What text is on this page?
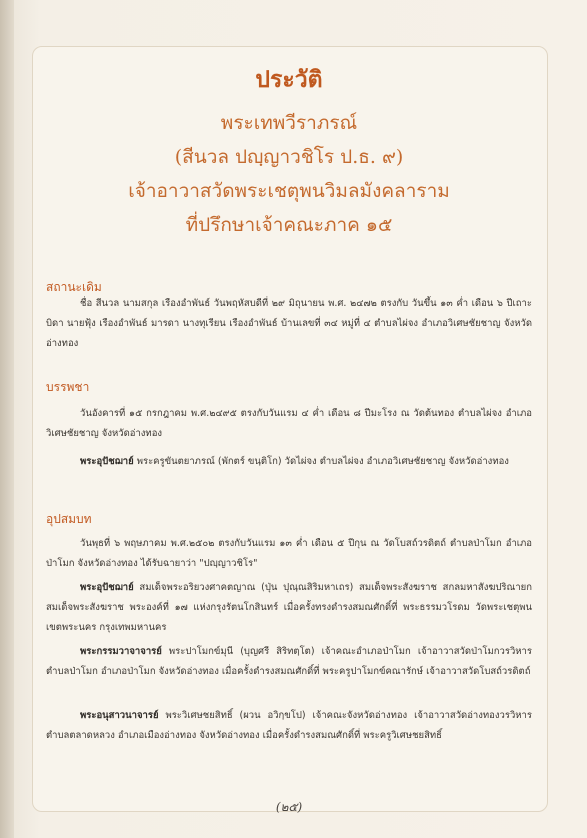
ประวัติ
พระเทพวีราภรณ์
(สีนวล ปญฺญาวชิโร ป.ธ. ๙)
เจ้าอาวาสวัดพระเชตุพนวิมลมังคลาราม
ที่ปรึกษาเจ้าคณะภาค ๑๕
สถานะเดิม
ชื่อ สีนวล นามสกุล เรืองอำพันธ์ วันพฤหัสบดีที่ ๒๙ มิถุนายน พ.ศ. ๒๔๗๒ ตรงกับ วันขึ้น ๑๓ ค่ำ เดือน ๖ ปีเถาะ บิดา นายฟุ้ง เรืองอำพันธ์ มารดา นางทุเรียน เรืองอำพันธ์ บ้านเลขที่ ๓๔ หมู่ที่ ๔ ตำบลไผ่จง อำเภอวิเศษชัยชาญ จังหวัดอ่างทอง
บรรพชา
วันอังคารที่ ๑๕ กรกฎาคม พ.ศ.๒๔๙๕ ตรงกับวันแรม ๔ ค่ำ เดือน ๘ ปีมะโรง ณ วัดต้นทอง ตำบลไผ่จง อำเภอวิเศษชัยชาญ จังหวัดอ่างทอง
พระอุปัชฌาย์ พระครูขันตยาภรณ์ (พักตร์ ขนฺติโก) วัดไผ่จง ตำบลไผ่จง อำเภอวิเศษชัยชาญ จังหวัดอ่างทอง
อุปสมบท
วันพุธที่ ๖ พฤษภาคม พ.ศ.๒๕๐๒ ตรงกับวันแรม ๑๓ ค่ำ เดือน ๕ ปีกุน ณ วัดโบสถ์วรดิตถ์ ตำบลป่าโมก อำเภอป่าโมก จังหวัดอ่างทอง ได้รับฉายาว่า "ปญฺญาวชิโร"
พระอุปัชฌาย์ สมเด็จพระอริยวงศาคตญาณ (ปุ่น ปุณฺณสิริมหาเถร) สมเด็จพระสังฆราช สกลมหาสังฆปริณายก สมเด็จพระสังฆราช พระองค์ที่ ๑๗ แห่งกรุงรัตนโกสินทร์ เมื่อครั้งทรงดำรงสมณศักดิ์ที่ พระธรรมวโรดม วัดพระเชตุพน เขตพระนคร กรุงเทพมหานคร
พระกรรมวาจาจารย์ พระปาโมกข์มุนี (บุญศรี สิริทตฺโต) เจ้าคณะอำเภอป่าโมก เจ้าอาวาสวัดป่าโมกวรวิหาร ตำบลป่าโมก อำเภอป่าโมก จังหวัดอ่างทอง เมื่อครั้งดำรงสมณศักดิ์ที่ พระครูปาโมกข์คณารักษ์ เจ้าอาวาสวัดโบสถ์วรดิตถ์
พระอนุสาวนาจารย์ พระวิเศษชยสิทธิ์ (ผวน อวิกฺขโป) เจ้าคณะจังหวัดอ่างทอง เจ้าอาวาสวัดอ่างทองวรวิหาร ตำบลตลาดหลวง อำเภอเมืองอ่างทอง จังหวัดอ่างทอง เมื่อครั้งดำรงสมณศักดิ์ที่ พระครูวิเศษชยสิทธิ์
(๒๕)
